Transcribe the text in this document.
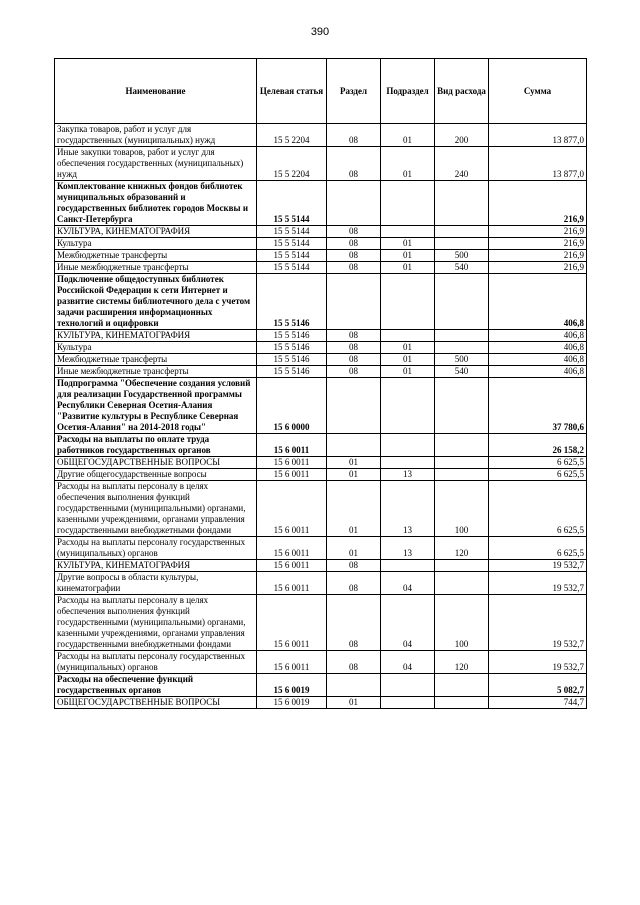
390
Наименование	Целевая статья	Раздел	Подраздел	Вид расхода	Сумма
Закупка товаров, работ и услуг для государственных (муниципальных) нужд	15 5 2204	08	01	200	13 877,0
Иные закупки товаров, работ и услуг для обеспечения государственных (муниципальных) нужд	15 5 2204	08	01	240	13 877,0
Комплектование книжных фондов библиотек муниципальных образований и государственных библиотек городов Москвы и Санкт-Петербурга	15 5 5144				216,9
КУЛЬТУРА, КИНЕМАТОГРАФИЯ	15 5 5144	08			216,9
Культура	15 5 5144	08	01		216,9
Межбюджетные трансферты	15 5 5144	08	01	500	216,9
Иные межбюджетные трансферты	15 5 5144	08	01	540	216,9
Подключение общедоступных библиотек Российской Федерации к сети Интернет и развитие системы библиотечного дела с учетом задачи расширения информационных технологий и оцифровки	15 5 5146				406,8
КУЛЬТУРА, КИНЕМАТОГРАФИЯ	15 5 5146	08			406,8
Культура	15 5 5146	08	01		406,8
Межбюджетные трансферты	15 5 5146	08	01	500	406,8
Иные межбюджетные трансферты	15 5 5146	08	01	540	406,8
Подпрограмма "Обеспечение создания условий для реализации Государственной программы Республики Северная Осетия-Алания "Развитие культуры в Республике Северная Осетия-Алания" на 2014-2018 годы"	15 6 0000				37 780,6
Расходы на выплаты по оплате труда работников государственных органов	15 6 0011				26 158,2
ОБЩЕГОСУДАРСТВЕННЫЕ ВОПРОСЫ	15 6 0011	01			6 625,5
Другие общегосударственные вопросы	15 6 0011	01	13		6 625,5
Расходы на выплаты персоналу в целях обеспечения выполнения функций государственными (муниципальными) органами, казенными учреждениями, органами управления государственными внебюджетными фондами	15 6 0011	01	13	100	6 625,5
Расходы на выплаты персоналу государственных (муниципальных) органов	15 6 0011	01	13	120	6 625,5
КУЛЬТУРА, КИНЕМАТОГРАФИЯ	15 6 0011	08			19 532,7
Другие вопросы в области культуры, кинематографии	15 6 0011	08	04		19 532,7
Расходы на выплаты персоналу в целях обеспечения выполнения функций государственными (муниципальными) органами, казенными учреждениями, органами управления государственными внебюджетными фондами	15 6 0011	08	04	100	19 532,7
Расходы на выплаты персоналу государственных (муниципальных) органов	15 6 0011	08	04	120	19 532,7
Расходы на обеспечение функций государственных органов	15 6 0019				5 082,7
ОБЩЕГОСУДАРСТВЕННЫЕ ВОПРОСЫ	15 6 0019	01			744,7
